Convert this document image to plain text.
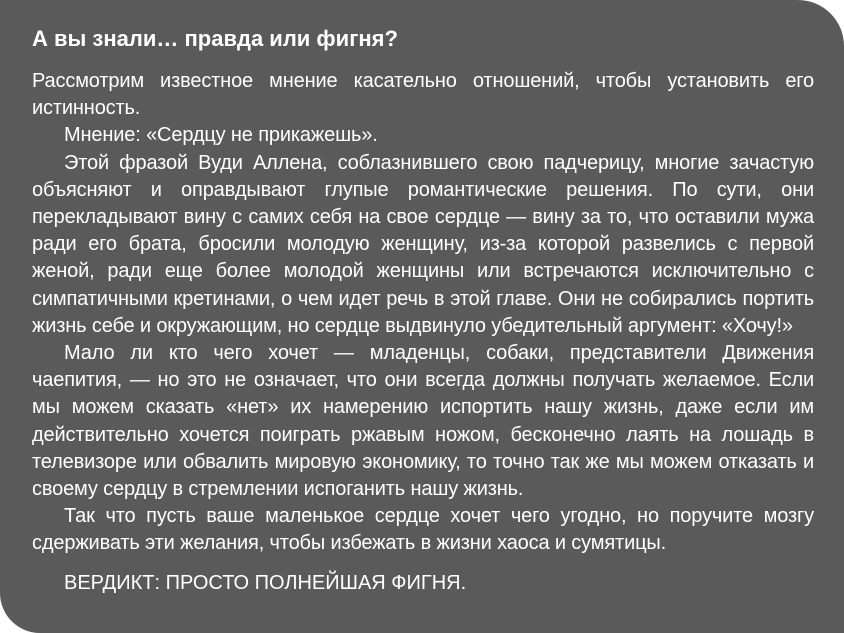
А вы знали… правда или фигня?

Рассмотрим известное мнение касательно отношений, чтобы установить его истинность.

Мнение: «Сердцу не прикажешь».

Этой фразой Вуди Аллена, соблазнившего свою падчерицу, многие зачастую объясняют и оправдывают глупые романтические решения. По сути, они перекладывают вину с самих себя на свое сердце — вину за то, что оставили мужа ради его брата, бросили молодую женщину, из-за которой развелись с первой женой, ради еще более молодой женщины или встречаются исключительно с симпатичными кретинами, о чем идет речь в этой главе. Они не собирались портить жизнь себе и окружающим, но сердце выдвинуло убедительный аргумент: «Хочу!»

Мало ли кто чего хочет — младенцы, собаки, представители Движения чаепития, — но это не означает, что они всегда должны получать желаемое. Если мы можем сказать «нет» их намерению испортить нашу жизнь, даже если им действительно хочется поиграть ржавым ножом, бесконечно лаять на лошадь в телевизоре или обвалить мировую экономику, то точно так же мы можем отказать и своему сердцу в стремлении испоганить нашу жизнь.

Так что пусть ваше маленькое сердце хочет чего угодно, но поручите мозгу сдерживать эти желания, чтобы избежать в жизни хаоса и сумятицы.

ВЕРДИКТ: ПРОСТО ПОЛНЕЙШАЯ ФИГНЯ.
